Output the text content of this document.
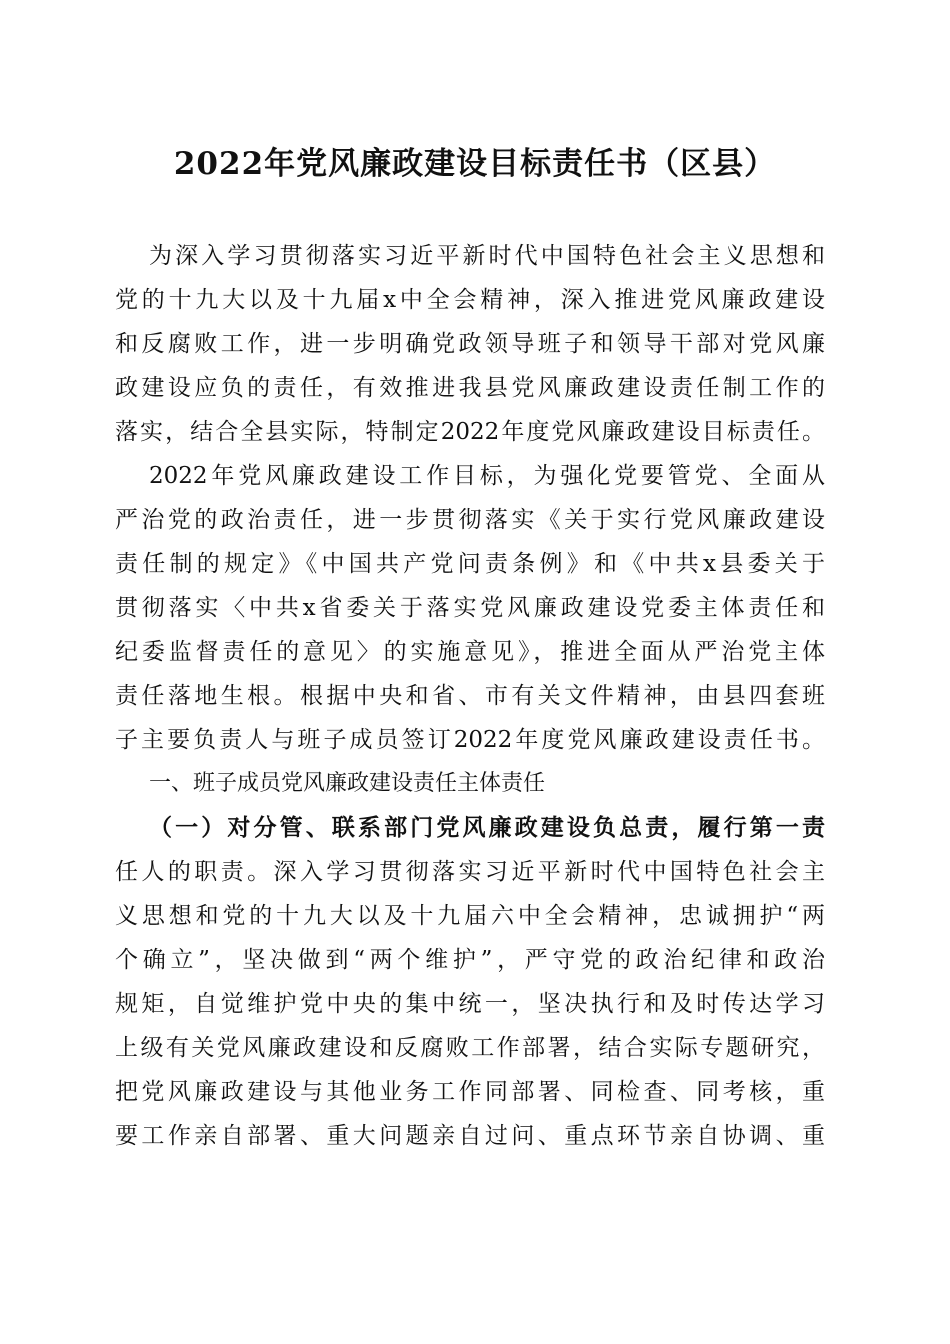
2022年党风廉政建设目标责任书（区县）
为深入学习贯彻落实习近平新时代中国特色社会主义思想和
党的十九大以及十九届x中全会精神，深入推进党风廉政建设
和反腐败工作，进一步明确党政领导班子和领导干部对党风廉
政建设应负的责任，有效推进我县党风廉政建设责任制工作的
落实，结合全县实际，特制定2022年度党风廉政建设目标责任。
2022年党风廉政建设工作目标，为强化党要管党、全面从
严治党的政治责任，进一步贯彻落实《关于实行党风廉政建设
责任制的规定》《中国共产党问责条例》和《中共x县委关于
贯彻落实〈中共x省委关于落实党风廉政建设党委主体责任和
纪委监督责任的意见〉的实施意见》，推进全面从严治党主体
责任落地生根。根据中央和省、市有关文件精神，由县四套班
子主要负责人与班子成员签订2022年度党风廉政建设责任书。
一、班子成员党风廉政建设责任主体责任
（一）对分管、联系部门党风廉政建设负总责，履行第一责
任人的职责。深入学习贯彻落实习近平新时代中国特色社会主
义思想和党的十九大以及十九届六中全会精神，忠诚拥护“两
个确立”，坚决做到“两个维护”，严守党的政治纪律和政治
规矩，自觉维护党中央的集中统一，坚决执行和及时传达学习
上级有关党风廉政建设和反腐败工作部署，结合实际专题研究，
把党风廉政建设与其他业务工作同部署、同检查、同考核，重
要工作亲自部署、重大问题亲自过问、重点环节亲自协调、重
